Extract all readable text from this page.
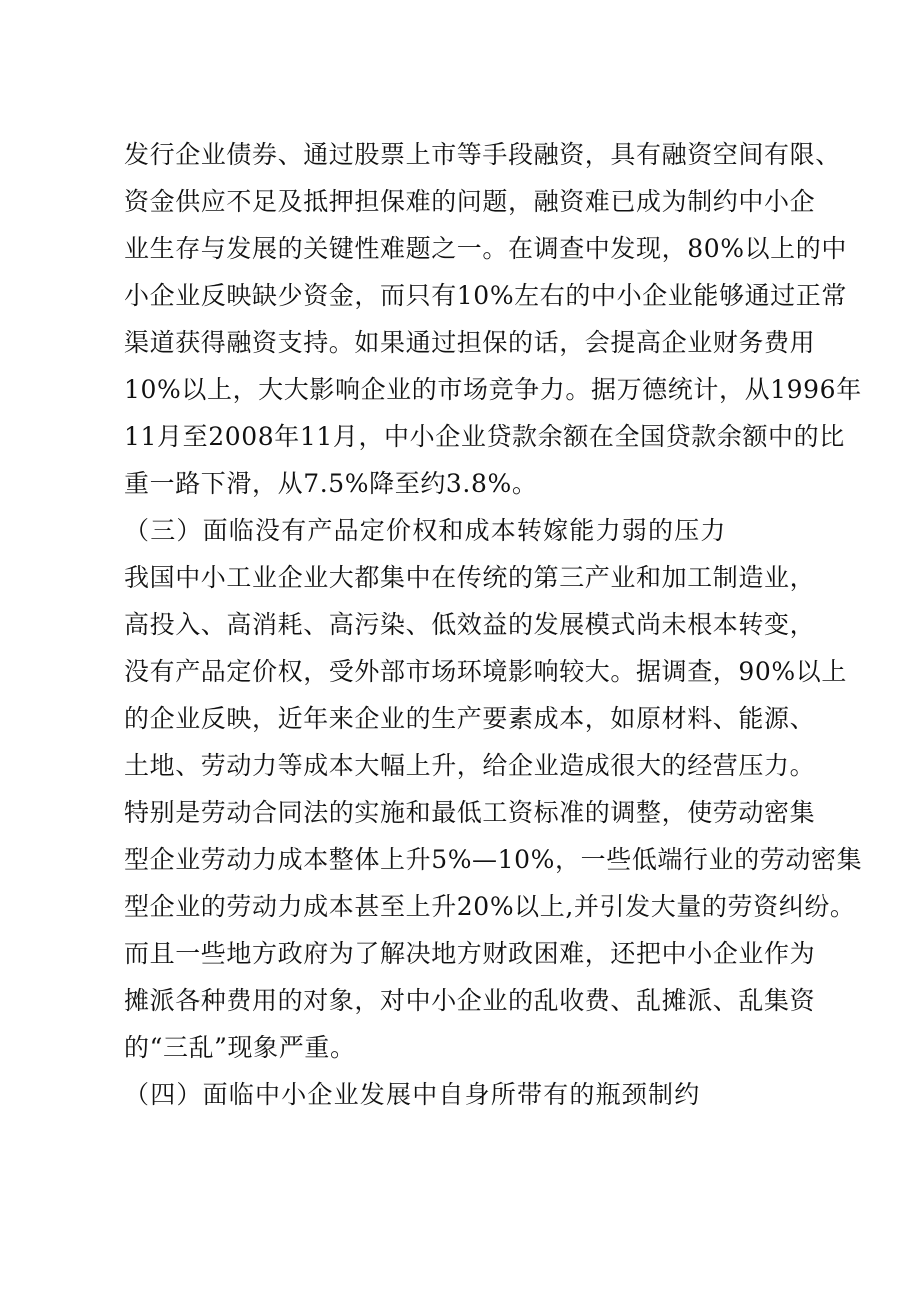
发行企业债券、通过股票上市等手段融资，具有融资空间有限、
资金供应不足及抵押担保难的问题，融资难已成为制约中小企
业生存与发展的关键性难题之一。在调查中发现，80%以上的中
小企业反映缺少资金，而只有10%左右的中小企业能够通过正常
渠道获得融资支持。如果通过担保的话，会提高企业财务费用
10%以上，大大影响企业的市场竞争力。据万德统计，从1996年
11月至2008年11月，中小企业贷款余额在全国贷款余额中的比
重一路下滑，从7.5%降至约3.8%。
（三）面临没有产品定价权和成本转嫁能力弱的压力
我国中小工业企业大都集中在传统的第三产业和加工制造业，
高投入、高消耗、高污染、低效益的发展模式尚未根本转变，
没有产品定价权，受外部市场环境影响较大。据调查，90%以上
的企业反映，近年来企业的生产要素成本，如原材料、能源、
土地、劳动力等成本大幅上升，给企业造成很大的经营压力。
特别是劳动合同法的实施和最低工资标准的调整，使劳动密集
型企业劳动力成本整体上升5%—10%，一些低端行业的劳动密集
型企业的劳动力成本甚至上升20%以上,并引发大量的劳资纠纷。
而且一些地方政府为了解决地方财政困难，还把中小企业作为
摊派各种费用的对象，对中小企业的乱收费、乱摊派、乱集资
的“三乱”现象严重。
（四）面临中小企业发展中自身所带有的瓶颈制约
